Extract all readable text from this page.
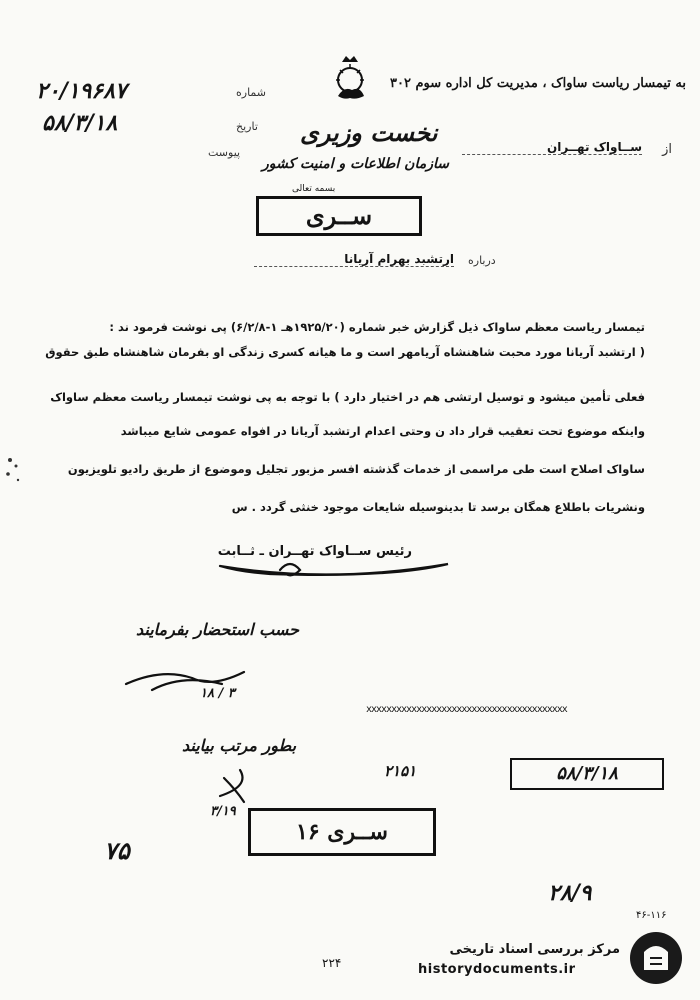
به تیمسار ریاست ساواک ، مدیریت کل اداره سوم ۳۰۲
نخست وزیری
سازمان اطلاعات و امنیت کشور
از
ســاواک تهــران
بسمه تعالی
ســری
درباره
ارتشبد بهرام آریانا
شماره
۲۰/۱۹۶۸۷
تاریخ
۵۸/۳/۱۸
پیوست
تیمسار ریاست معظم ساواک ذیل گزارش خبر شماره (۱۹۲۵/۲۰هـ ۱-۶/۲/۸) پی نوشت فرمود ند :
( ارتشبد آریانا مورد محبت شاهنشاه آریامهر است و ما هیانه کسری زندگی او بفرمان شاهنشاه طبق حقوق
فعلی تأمین میشود و توسیل ارتشی هم در اختیار دارد ) با توجه به پی نوشت تیمسار ریاست معظم ساواک
واینکه موضوع تحت تعقیب قرار داد ن وحتی اعدام ارتشبد آریانا در افواه عمومی شایع میباشد
ساواک اصلاح است طی مراسمی از خدمات گذشته افسر مزبور تجلیل وموضوع از طریق رادیو تلویزیون
ونشریات باطلاع همگان برسد تا بدینوسیله شایعات موجود خنثی گردد . س
رئیس ســاواک تهــران ـ ثــابت
حسب استحضار بفرمایند
۱۸ / ۳
xxxxxxxxxxxxxxxxxxxxxxxxxxxxxxxxxxxxxxxx
بطور مرتب بیایند
۳/۱۹
۲۱۵۱	۵۸/۳/۱۸
ســری ۱۶
۷۵
۲۸/۹
۴۶-۱۱۶
۲۲۴
مرکز بررسی اسناد تاریخی
historydocuments.ir
